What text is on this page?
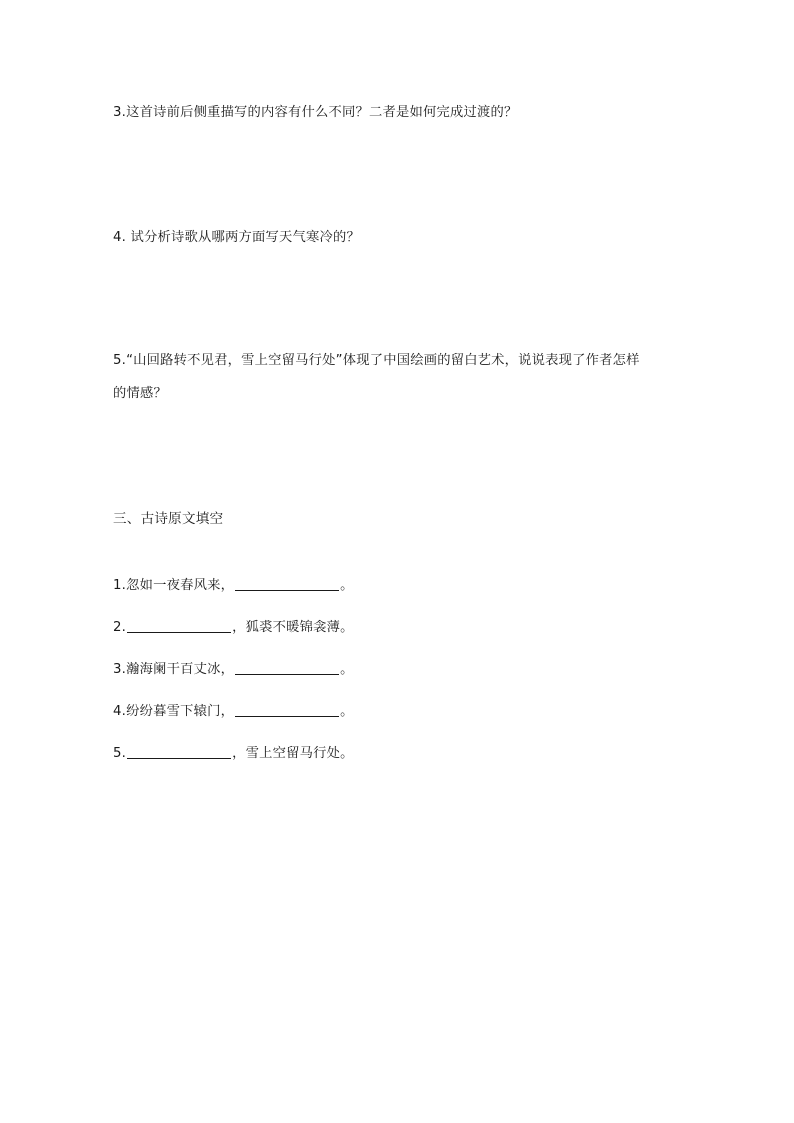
3.这首诗前后侧重描写的内容有什么不同？二者是如何完成过渡的？
4. 试分析诗歌从哪两方面写天气寒冷的？
5.“山回路转不见君，雪上空留马行处”体现了中国绘画的留白艺术，说说表现了作者怎样
的情感？
三、古诗原文填空
1.忽如一夜春风来，	。
2.	，狐裘不暖锦衾薄。
3.瀚海阑干百丈冰，	。
4.纷纷暮雪下辕门，	。
5.	，雪上空留马行处。
